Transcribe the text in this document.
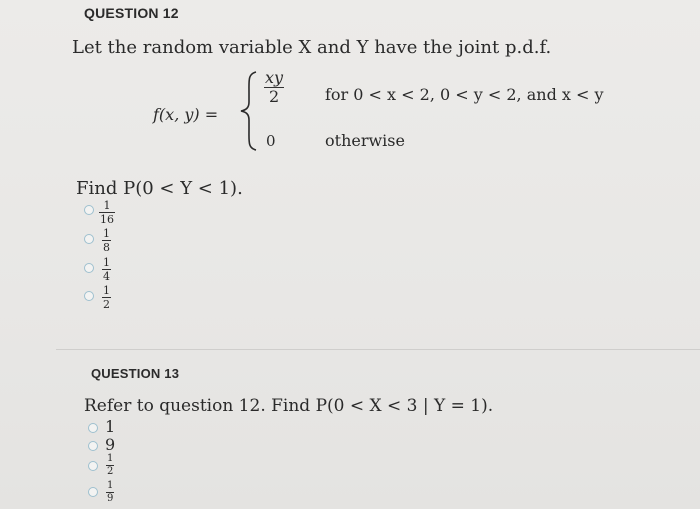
QUESTION 12
Let the random variable X and Y have the joint p.d.f.
f(x, y) =
xy
2	for 0 < x < 2, 0 < y < 2, and x < y
0	otherwise
Find P(0 < Y < 1).
1
16
1
8
1
4
1
2
QUESTION 13
Refer to question 12. Find P(0 < X < 3 | Y = 1).
1
9
1
2
1
9
